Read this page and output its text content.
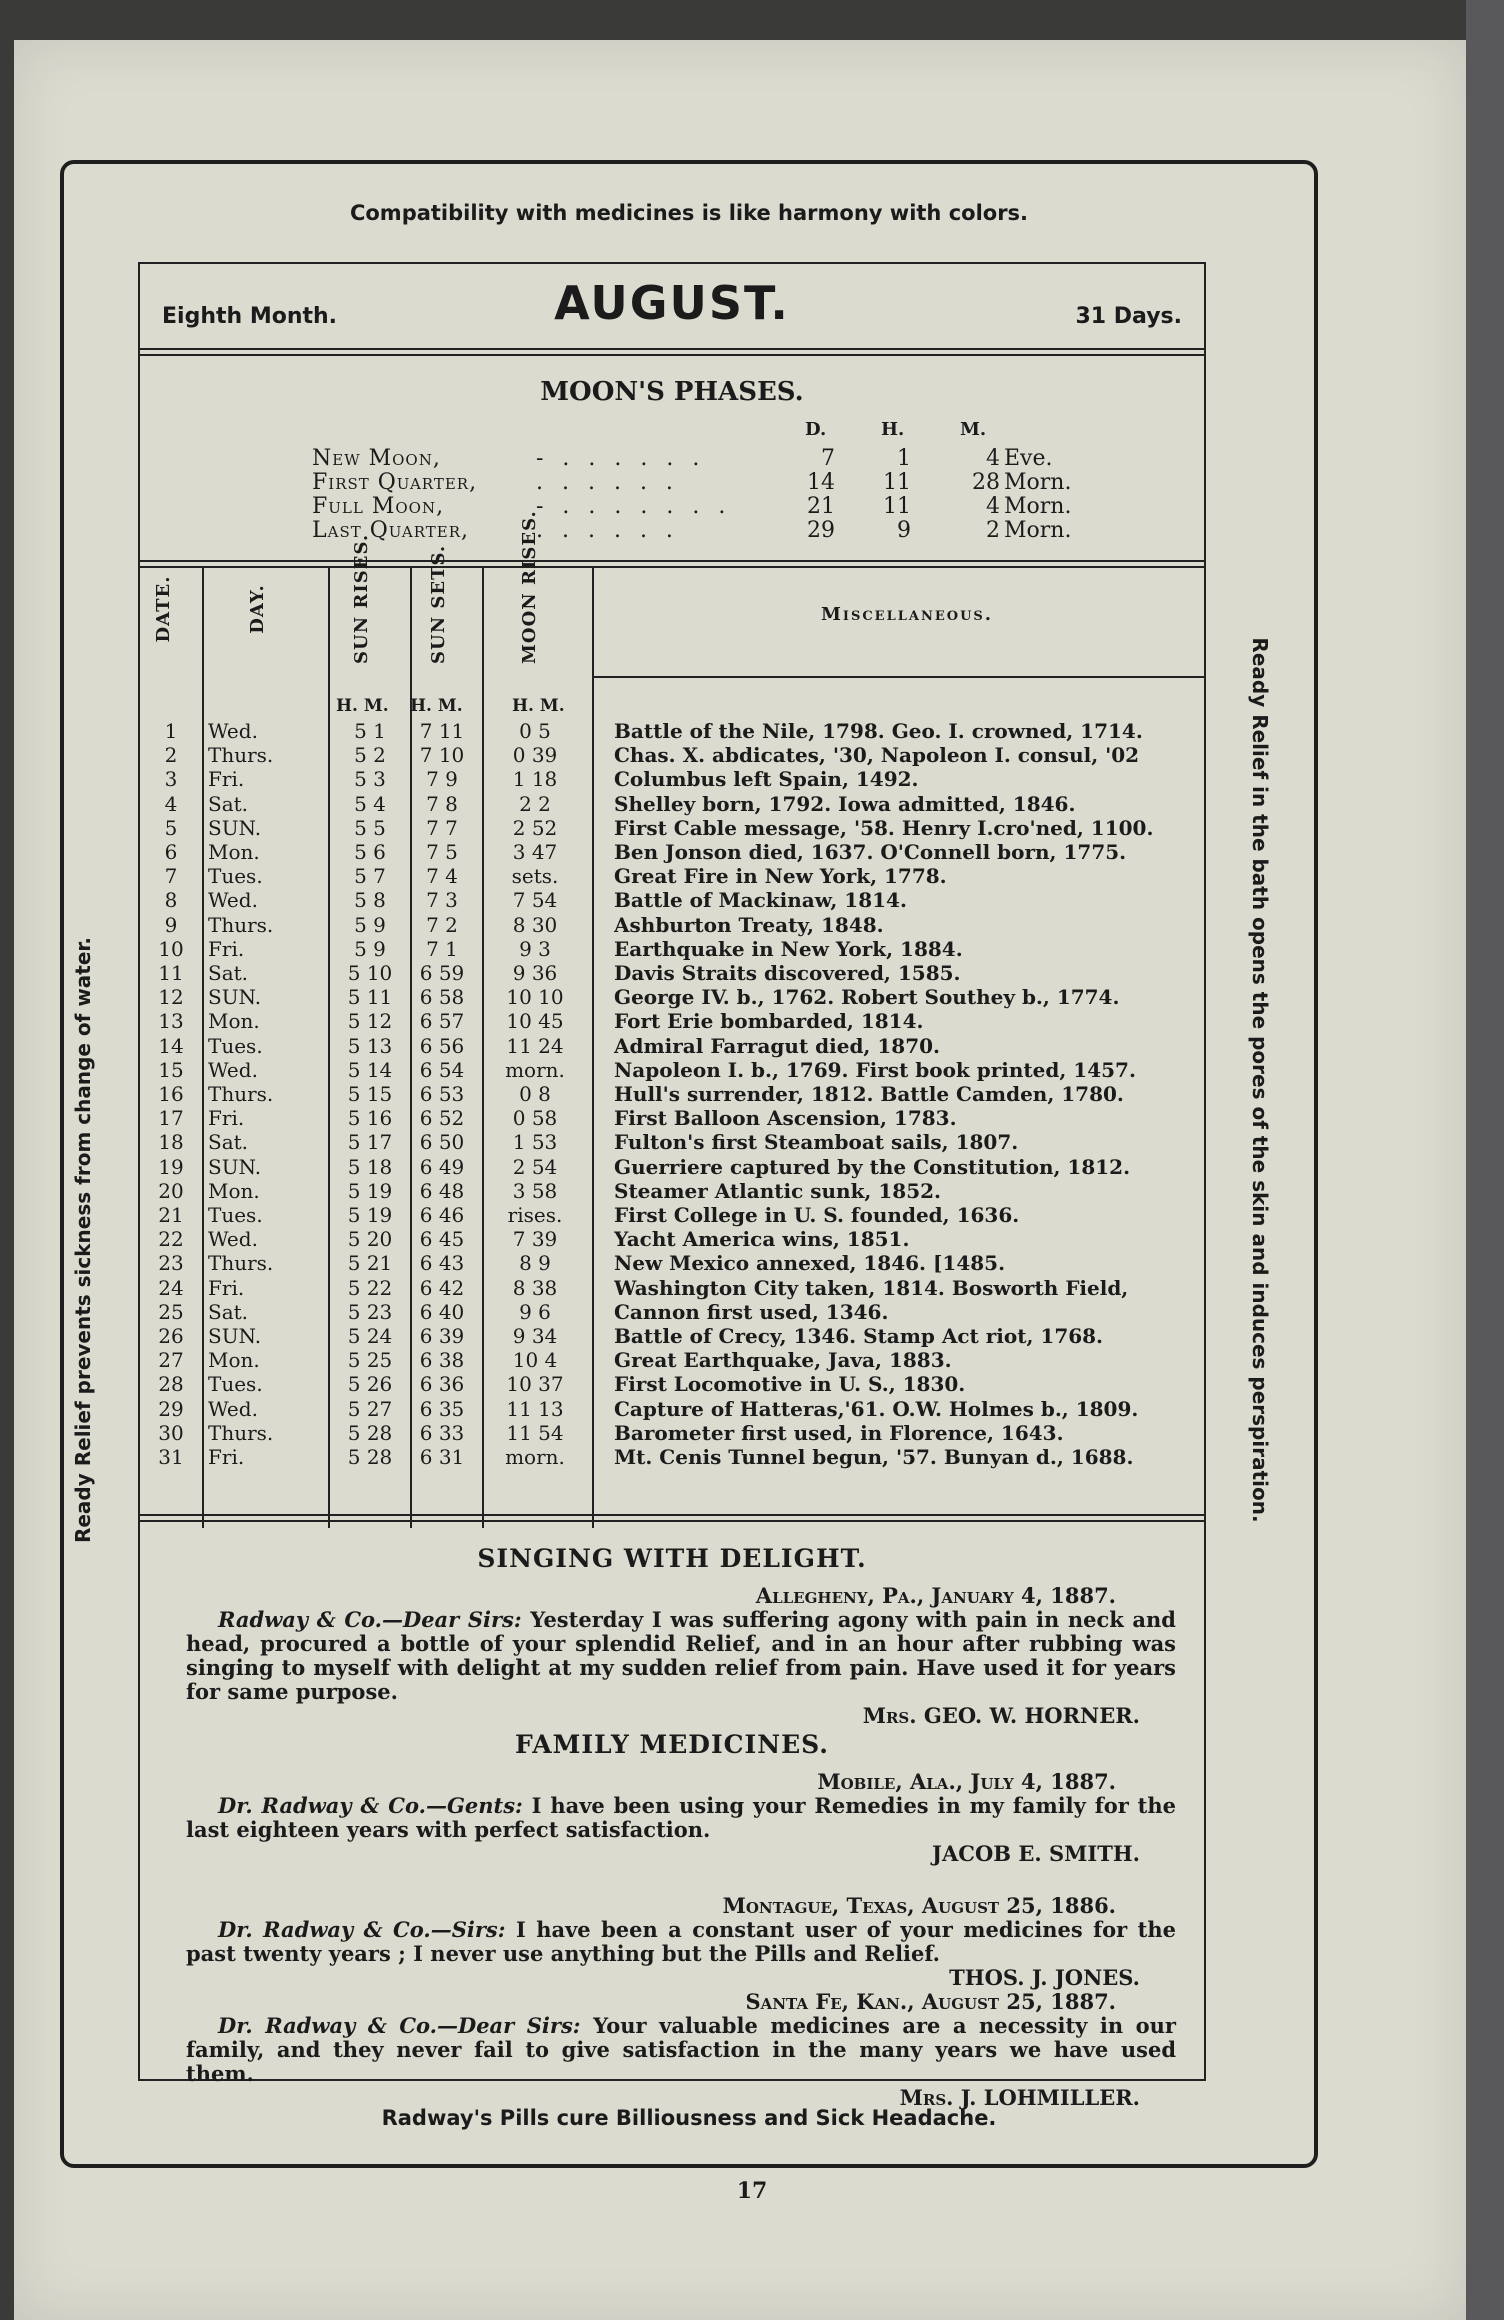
Compatibility with medicines is like harmony with colors.
Radway's Pills cure Billiousness and Sick Headache.
Ready Relief prevents sickness from change of water.	Ready Relief in the bath opens the pores of the skin and induces perspiration.
17
Eighth Month.	AUGUST.	31 Days.
MOON'S PHASES.
D.	H.	M.
New Moon,	- . . . . . .	7	1	4 Eve.
First Quarter,	. . . . . .	14	11	28 Morn.
Full Moon,	- . . . . . . .	21	11	4 Morn.
Last Quarter,	. . . . . .	29	9	2 Morn.
DATE.	DAY.	SUN RISES.	SUN SETS.	MOON RISES.	Miscellaneous.
H. M. H. M.	H. M.
1	Wed.	5 1	7 11	0 5	Battle of the Nile, 1798. Geo. I. crowned, 1714.
2	Thurs.	5 2	7 10	0 39	Chas. X. abdicates, '30, Napoleon I. consul, '02
3	Fri.	5 3	7 9	1 18	Columbus left Spain, 1492.
4	Sat.	5 4	7 8	2 2	Shelley born, 1792. Iowa admitted, 1846.
5	SUN.	5 5	7 7	2 52	First Cable message, '58. Henry I.cro'ned, 1100.
6	Mon.	5 6	7 5	3 47	Ben Jonson died, 1637. O'Connell born, 1775.
7	Tues.	5 7	7 4	sets.	Great Fire in New York, 1778.
8	Wed.	5 8	7 3	7 54	Battle of Mackinaw, 1814.
9	Thurs.	5 9	7 2	8 30	Ashburton Treaty, 1848.
10	Fri.	5 9	7 1	9 3	Earthquake in New York, 1884.
11	Sat.	5 10	6 59	9 36	Davis Straits discovered, 1585.
12	SUN.	5 11	6 58	10 10	George IV. b., 1762. Robert Southey b., 1774.
13	Mon.	5 12	6 57	10 45	Fort Erie bombarded, 1814.
14	Tues.	5 13	6 56	11 24	Admiral Farragut died, 1870.
15	Wed.	5 14	6 54	morn.	Napoleon I. b., 1769. First book printed, 1457.
16	Thurs.	5 15	6 53	0 8	Hull's surrender, 1812. Battle Camden, 1780.
17	Fri.	5 16	6 52	0 58	First Balloon Ascension, 1783.
18	Sat.	5 17	6 50	1 53	Fulton's first Steamboat sails, 1807.
19	SUN.	5 18	6 49	2 54	Guerriere captured by the Constitution, 1812.
20	Mon.	5 19	6 48	3 58	Steamer Atlantic sunk, 1852.
21	Tues.	5 19	6 46	rises.	First College in U. S. founded, 1636.
22	Wed.	5 20	6 45	7 39	Yacht America wins, 1851.
23	Thurs.	5 21	6 43	8 9	New Mexico annexed, 1846. [1485.
24	Fri.	5 22	6 42	8 38	Washington City taken, 1814. Bosworth Field,
25	Sat.	5 23	6 40	9 6	Cannon first used, 1346.
26	SUN.	5 24	6 39	9 34	Battle of Crecy, 1346. Stamp Act riot, 1768.
27	Mon.	5 25	6 38	10 4	Great Earthquake, Java, 1883.
28	Tues.	5 26	6 36	10 37	First Locomotive in U. S., 1830.
29	Wed.	5 27	6 35	11 13	Capture of Hatteras,'61. O.W. Holmes b., 1809.
30	Thurs.	5 28	6 33	11 54	Barometer first used, in Florence, 1643.
31	Fri.	5 28	6 31	morn.	Mt. Cenis Tunnel begun, '57. Bunyan d., 1688.
SINGING WITH DELIGHT.
Allegheny, Pa., January 4, 1887.
Radway & Co.—Dear Sirs: Yesterday I was suffering agony with pain in neck and head, procured a bottle of your splendid Relief, and in an hour after rubbing was singing to myself with delight at my sudden relief from pain. Have used it for years for same purpose.
Mrs. GEO. W. HORNER.
FAMILY MEDICINES.
Mobile, Ala., July 4, 1887.
Dr. Radway & Co.—Gents: I have been using your Remedies in my family for the last eighteen years with perfect satisfaction.
JACOB E. SMITH.
Montague, Texas, August 25, 1886.
Dr. Radway & Co.—Sirs: I have been a constant user of your medicines for the past twenty years ; I never use anything but the Pills and Relief.
THOS. J. JONES.
Santa Fe, Kan., August 25, 1887.
Dr. Radway & Co.—Dear Sirs: Your valuable medicines are a necessity in our family, and they never fail to give satisfaction in the many years we have used them.
Mrs. J. LOHMILLER.
